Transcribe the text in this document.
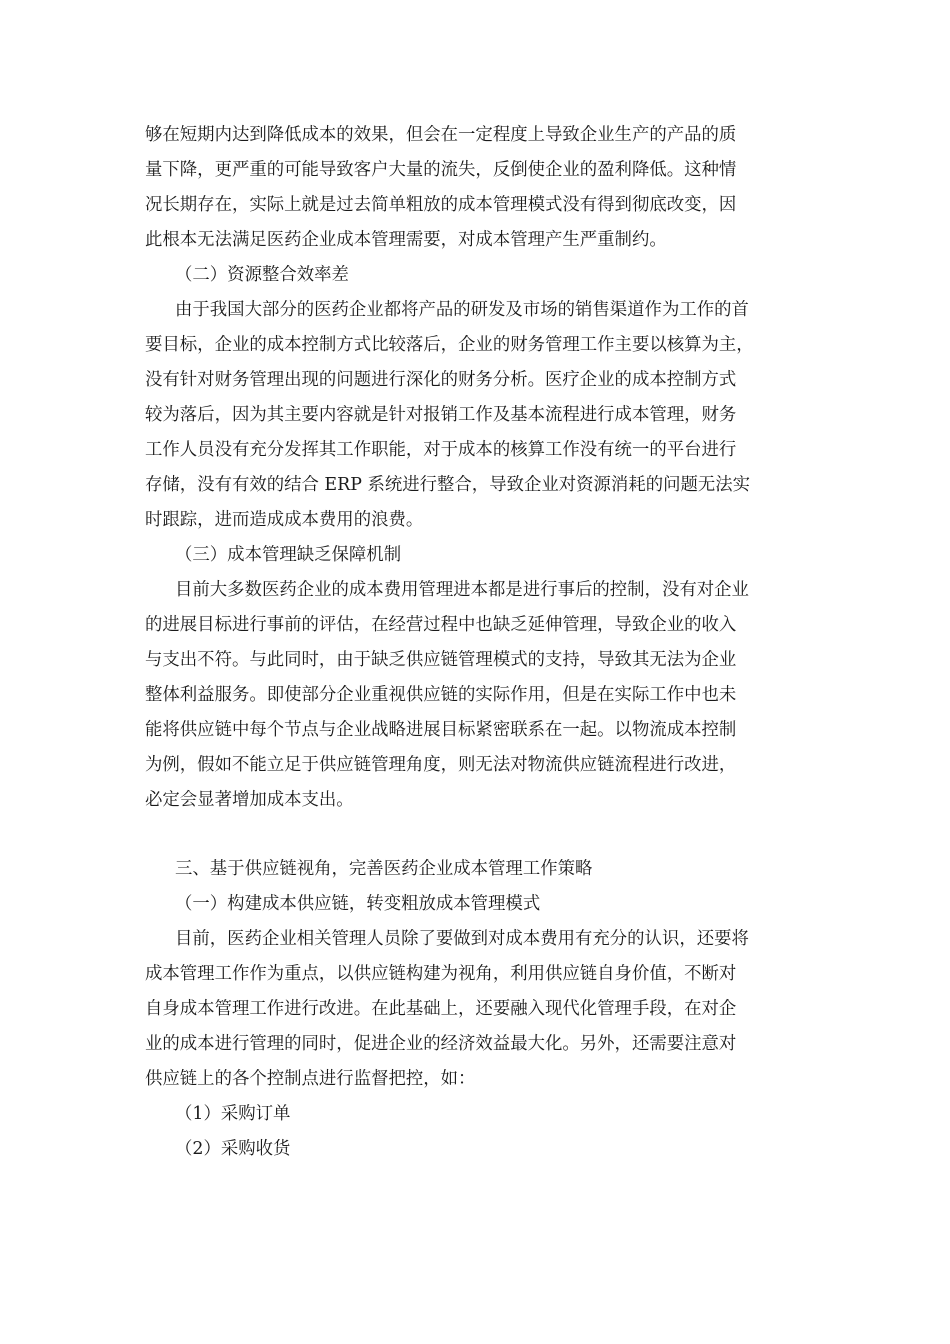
够在短期内达到降低成本的效果，但会在一定程度上导致企业生产的产品的质
量下降，更严重的可能导致客户大量的流失，反倒使企业的盈利降低。这种情
况长期存在，实际上就是过去简单粗放的成本管理模式没有得到彻底改变，因
此根本无法满足医药企业成本管理需要，对成本管理产生严重制约。
（二）资源整合效率差
由于我国大部分的医药企业都将产品的研发及市场的销售渠道作为工作的首
要目标，企业的成本控制方式比较落后，企业的财务管理工作主要以核算为主，
没有针对财务管理出现的问题进行深化的财务分析。医疗企业的成本控制方式
较为落后，因为其主要内容就是针对报销工作及基本流程进行成本管理，财务
工作人员没有充分发挥其工作职能，对于成本的核算工作没有统一的平台进行
存储，没有有效的结合 ERP 系统进行整合，导致企业对资源消耗的问题无法实
时跟踪，进而造成成本费用的浪费。
（三）成本管理缺乏保障机制
目前大多数医药企业的成本费用管理进本都是进行事后的控制，没有对企业
的进展目标进行事前的评估，在经营过程中也缺乏延伸管理，导致企业的收入
与支出不符。与此同时，由于缺乏供应链管理模式的支持，导致其无法为企业
整体利益服务。即使部分企业重视供应链的实际作用，但是在实际工作中也未
能将供应链中每个节点与企业战略进展目标紧密联系在一起。以物流成本控制
为例，假如不能立足于供应链管理角度，则无法对物流供应链流程进行改进，
必定会显著增加成本支出。
三、基于供应链视角，完善医药企业成本管理工作策略
（一）构建成本供应链，转变粗放成本管理模式
目前，医药企业相关管理人员除了要做到对成本费用有充分的认识，还要将
成本管理工作作为重点，以供应链构建为视角，利用供应链自身价值，不断对
自身成本管理工作进行改进。在此基础上，还要融入现代化管理手段，在对企
业的成本进行管理的同时，促进企业的经济效益最大化。另外，还需要注意对
供应链上的各个控制点进行监督把控，如：
（1）采购订单
（2）采购收货
